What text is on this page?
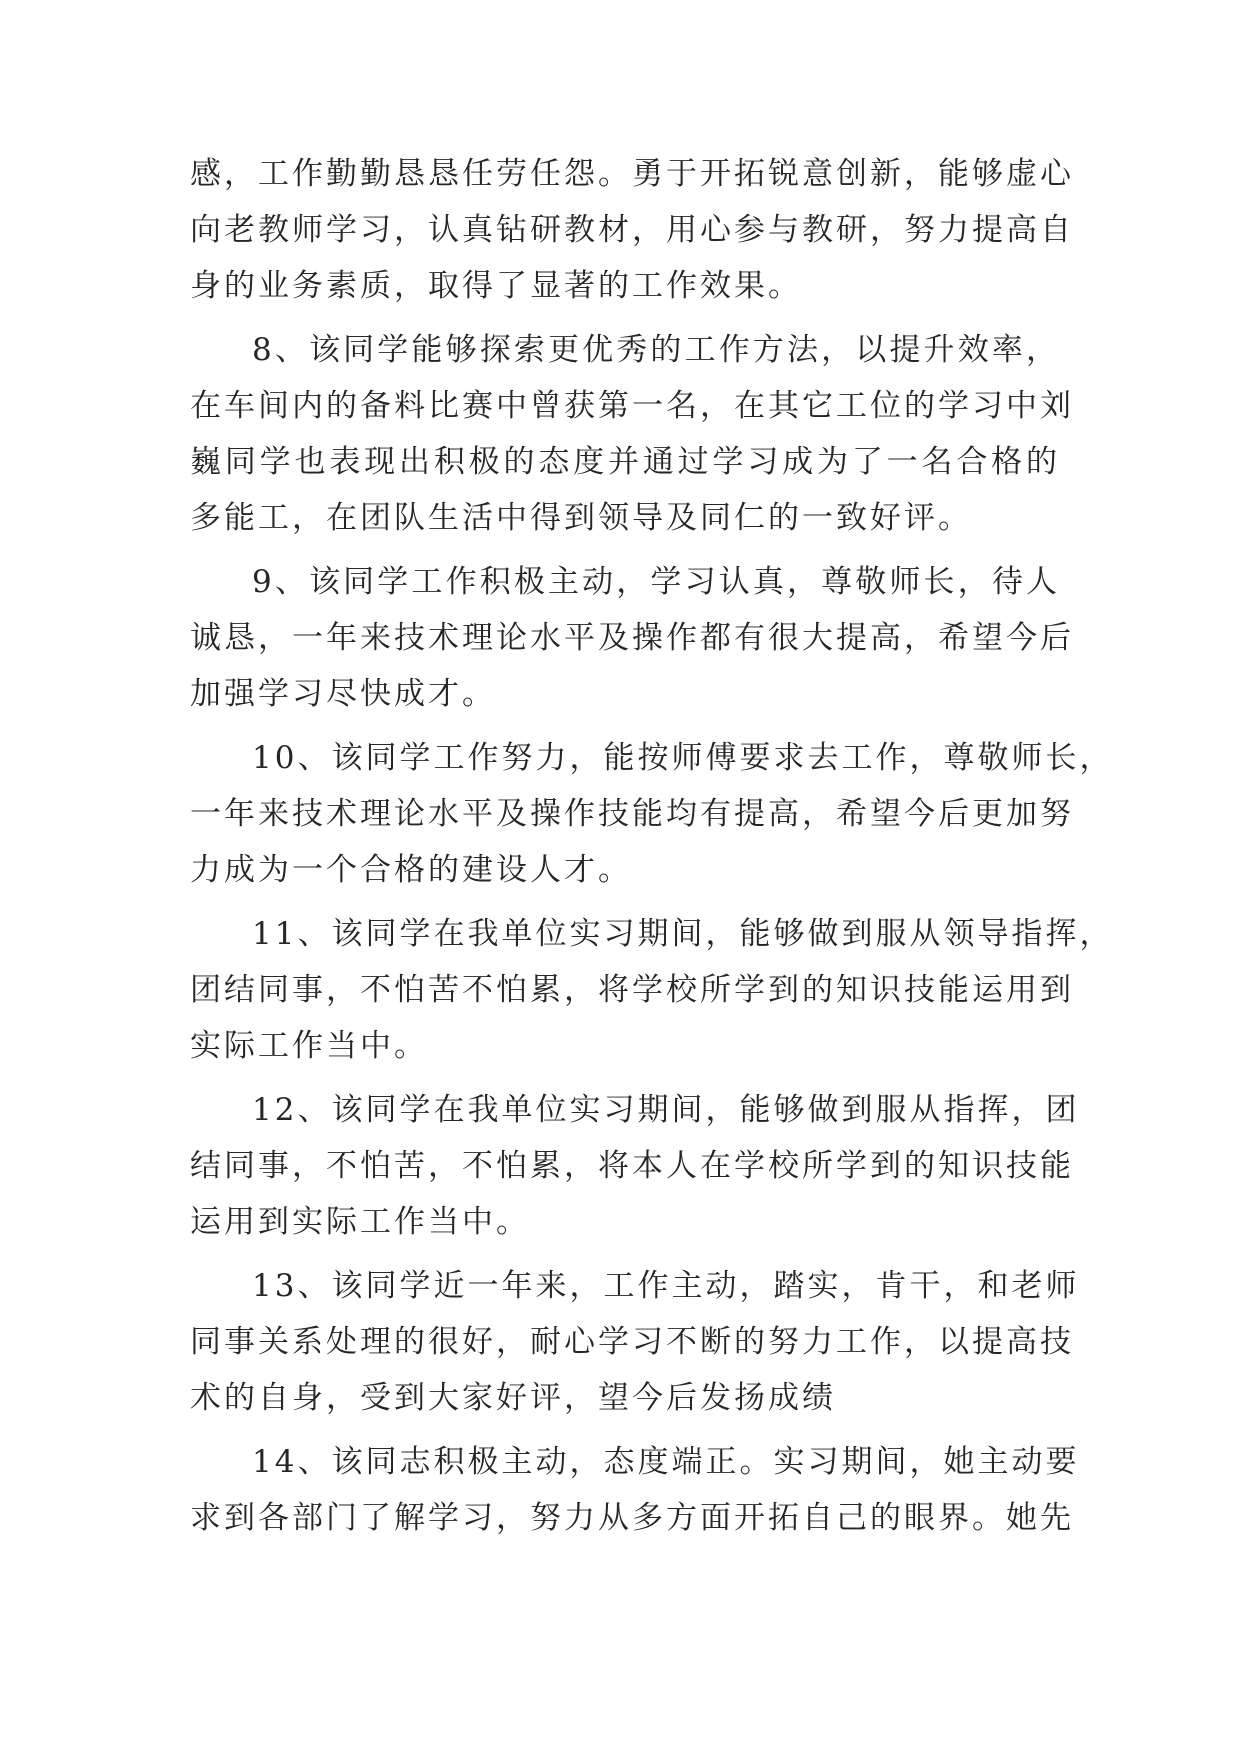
感，工作勤勤恳恳任劳任怨。勇于开拓锐意创新，能够虚心
向老教师学习，认真钻研教材，用心参与教研，努力提高自
身的业务素质，取得了显著的工作效果。
8、该同学能够探索更优秀的工作方法，以提升效率，
在车间内的备料比赛中曾获第一名，在其它工位的学习中刘
巍同学也表现出积极的态度并通过学习成为了一名合格的
多能工，在团队生活中得到领导及同仁的一致好评。
9、该同学工作积极主动，学习认真，尊敬师长，待人
诚恳，一年来技术理论水平及操作都有很大提高，希望今后
加强学习尽快成才。
10、该同学工作努力，能按师傅要求去工作，尊敬师长，
一年来技术理论水平及操作技能均有提高，希望今后更加努
力成为一个合格的建设人才。
11、该同学在我单位实习期间，能够做到服从领导指挥，
团结同事，不怕苦不怕累，将学校所学到的知识技能运用到
实际工作当中。
12、该同学在我单位实习期间，能够做到服从指挥，团
结同事，不怕苦，不怕累，将本人在学校所学到的知识技能
运用到实际工作当中。
13、该同学近一年来，工作主动，踏实，肯干，和老师
同事关系处理的很好，耐心学习不断的努力工作，以提高技
术的自身，受到大家好评，望今后发扬成绩
14、该同志积极主动，态度端正。实习期间，她主动要
求到各部门了解学习，努力从多方面开拓自己的眼界。她先
